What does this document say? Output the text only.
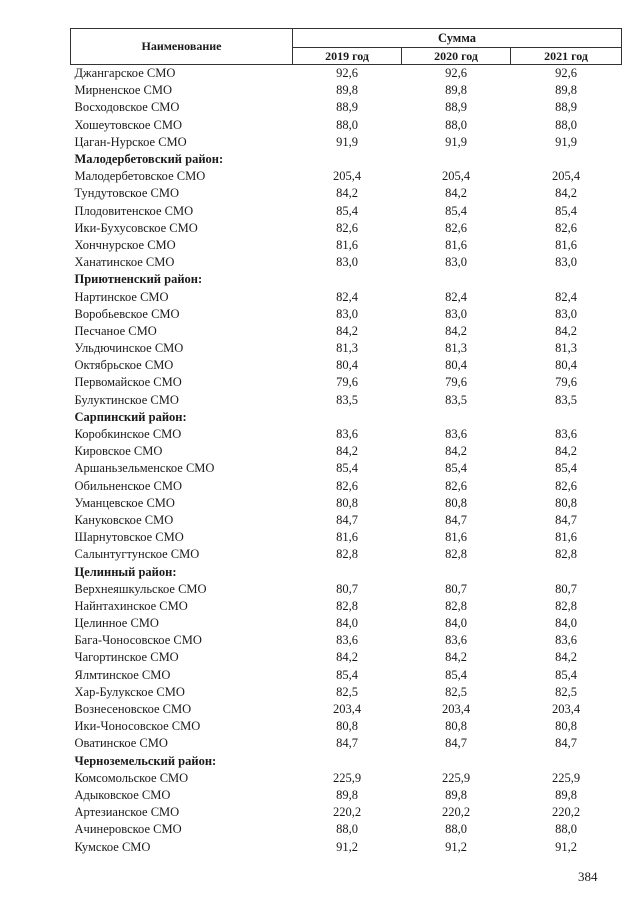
Наименование	Сумма		
	2019 год	2020 год	2021 год
Джангарское СМО	92,6	92,6	92,6
Мирненское СМО	89,8	89,8	89,8
Восходовское СМО	88,9	88,9	88,9
Хошеутовское СМО	88,0	88,0	88,0
Цаган-Нурское СМО	91,9	91,9	91,9
Малодербетовский район:			
Малодербетовское СМО	205,4	205,4	205,4
Тундутовское СМО	84,2	84,2	84,2
Плодовитенское СМО	85,4	85,4	85,4
Ики-Бухусовское СМО	82,6	82,6	82,6
Хончнурское СМО	81,6	81,6	81,6
Ханатинское СМО	83,0	83,0	83,0
Приютненский район:			
Нартинское СМО	82,4	82,4	82,4
Воробьевское СМО	83,0	83,0	83,0
Песчаное СМО	84,2	84,2	84,2
Ульдючинское СМО	81,3	81,3	81,3
Октябрьское СМО	80,4	80,4	80,4
Первомайское СМО	79,6	79,6	79,6
Булуктинское СМО	83,5	83,5	83,5
Сарпинский район:			
Коробкинское СМО	83,6	83,6	83,6
Кировское СМО	84,2	84,2	84,2
Аршаньзельменское СМО	85,4	85,4	85,4
Обильненское СМО	82,6	82,6	82,6
Уманцевское СМО	80,8	80,8	80,8
Кануковское СМО	84,7	84,7	84,7
Шарнутовское СМО	81,6	81,6	81,6
Салынтугтунское СМО	82,8	82,8	82,8
Целинный район:			
Верхнеяшкульское СМО	80,7	80,7	80,7
Найнтахинское СМО	82,8	82,8	82,8
Целинное СМО	84,0	84,0	84,0
Бага-Чоносовское СМО	83,6	83,6	83,6
Чагортинское СМО	84,2	84,2	84,2
Ялмтинское СМО	85,4	85,4	85,4
Хар-Булукское СМО	82,5	82,5	82,5
Вознесеновское СМО	203,4	203,4	203,4
Ики-Чоносовское СМО	80,8	80,8	80,8
Оватинское СМО	84,7	84,7	84,7
Черноземельский район:			
Комсомольское СМО	225,9	225,9	225,9
Адыковское СМО	89,8	89,8	89,8
Артезианское СМО	220,2	220,2	220,2
Ачинеровское СМО	88,0	88,0	88,0
Кумское СМО	91,2	91,2	91,2
384
